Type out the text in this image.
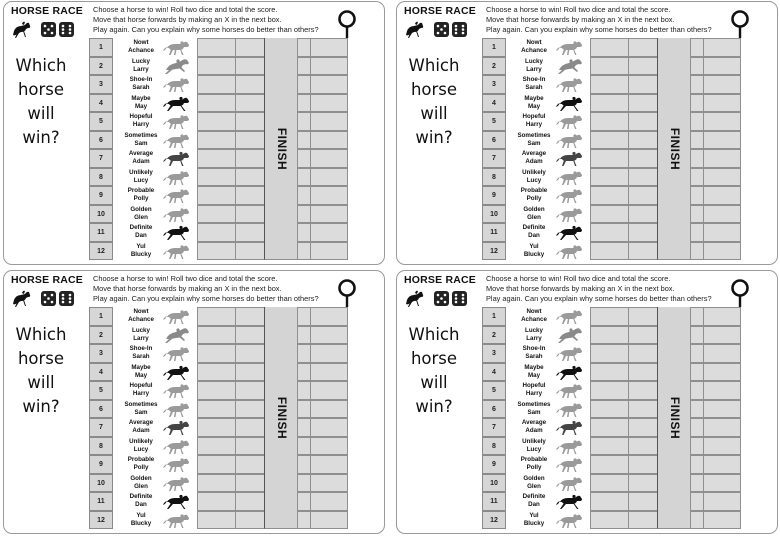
HORSE RACE Choose a horse to win! Roll two dice and total the score.
Move that horse forwards by making an X in the next box.
Play again. Can you explain why some horses do better than others?
Which
horse
will
win?
1
Nowt
Achance
2
Lucky
Larry
3
Shoe-In
Sarah
4
Maybe
May
5
Hopeful
Harry
6
Sometimes
Sam
7
Average
Adam
8
Unlikely
Lucy
9
Probable
Polly
10
Golden
Glen
11
Definite
Dan
12
Yul
Blucky
FINISH
HORSE RACE Choose a horse to win! Roll two dice and total the score.
Move that horse forwards by making an X in the next box.
Play again. Can you explain why some horses do better than others?
Which
horse
will
win?
1
Nowt
Achance
2
Lucky
Larry
3
Shoe-In
Sarah
4
Maybe
May
5
Hopeful
Harry
6
Sometimes
Sam
7
Average
Adam
8
Unlikely
Lucy
9
Probable
Polly
10
Golden
Glen
11
Definite
Dan
12
Yul
Blucky
FINISH
HORSE RACE Choose a horse to win! Roll two dice and total the score.
Move that horse forwards by making an X in the next box.
Play again. Can you explain why some horses do better than others?
Which
horse
will
win?
1
Nowt
Achance
2
Lucky
Larry
3
Shoe-In
Sarah
4
Maybe
May
5
Hopeful
Harry
6
Sometimes
Sam
7
Average
Adam
8
Unlikely
Lucy
9
Probable
Polly
10
Golden
Glen
11
Definite
Dan
12
Yul
Blucky
FINISH
HORSE RACE Choose a horse to win! Roll two dice and total the score.
Move that horse forwards by making an X in the next box.
Play again. Can you explain why some horses do better than others?
Which
horse
will
win?
1
Nowt
Achance
2
Lucky
Larry
3
Shoe-In
Sarah
4
Maybe
May
5
Hopeful
Harry
6
Sometimes
Sam
7
Average
Adam
8
Unlikely
Lucy
9
Probable
Polly
10
Golden
Glen
11
Definite
Dan
12
Yul
Blucky
FINISH
